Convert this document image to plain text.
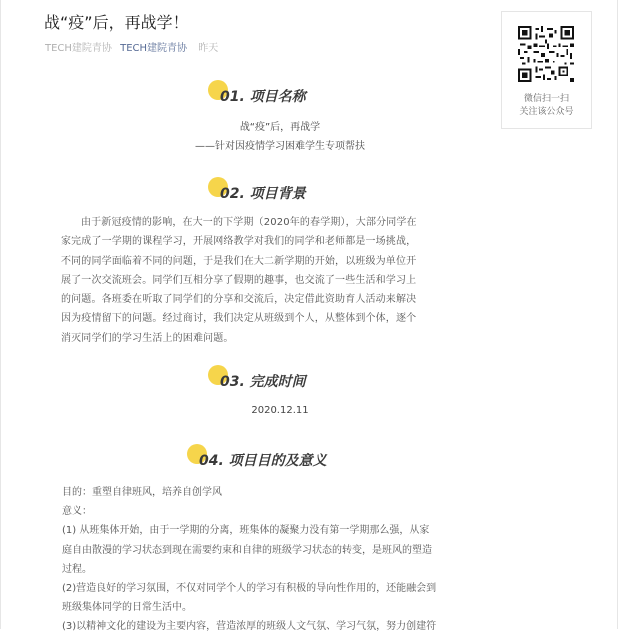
战“疫”后，再战学！
TECH建院青协 TECH建院青协 昨天
微信扫一扫
关注该公众号
01. 项目名称
战“疫”后，再战学
——针对因疫情学习困难学生专项帮扶
02. 项目背景

由于新冠疫情的影响，在大一的下学期（2020年的春学期），大部分同学在

家完成了一学期的课程学习，开展网络教学对我们的同学和老师都是一场挑战，

不同的同学面临着不同的问题，于是我们在大二新学期的开始，以班级为单位开

展了一次交流班会。同学们互相分享了假期的趣事，也交流了一些生活和学习上

的问题。各班委在听取了同学们的分享和交流后，决定借此资助育人活动来解决

因为疫情留下的问题。经过商讨，我们决定从班级到个人，从整体到个体，逐个

消灭同学们的学习生活上的困难问题。

03. 完成时间
2020.12.11
04. 项目目的及意义

目的：重塑自律班风，培养自创学风

意义：

(1) 从班集体开始，由于一学期的分离，班集体的凝聚力没有第一学期那么强，从家

庭自由散漫的学习状态到现在需要约束和自律的班级学习状态的转变，是班风的塑造

过程。

(2)营造良好的学习氛围，不仅对同学个人的学习有积极的导向性作用的，还能融会到

班级集体同学的日常生活中。

(3)以精神文化的建设为主要内容，营造浓厚的班级人文气氛、学习气氛，努力创建符
